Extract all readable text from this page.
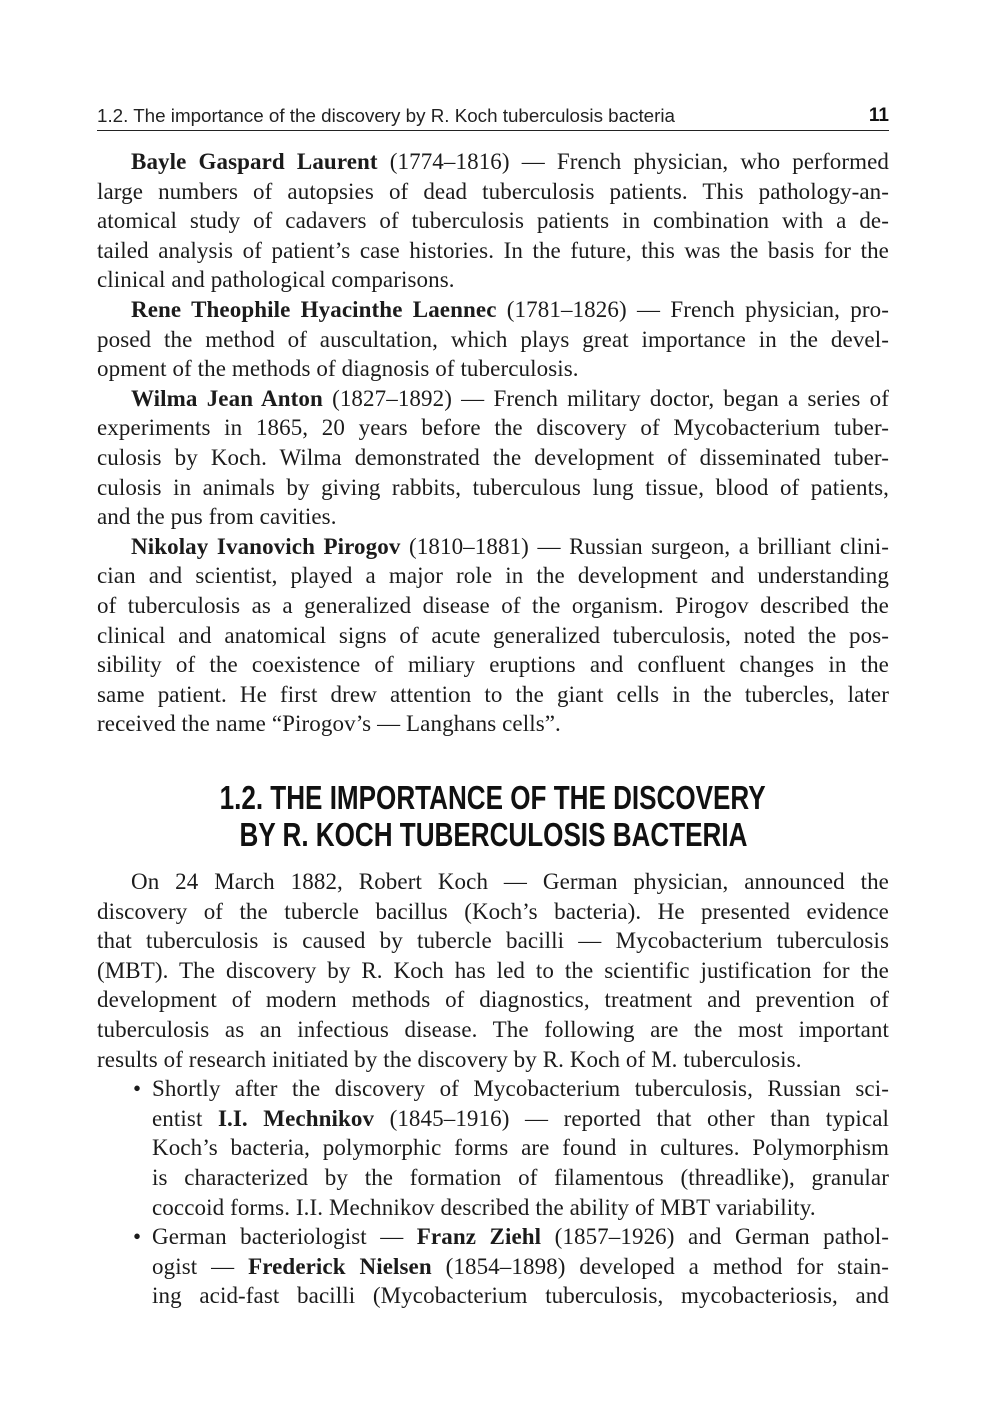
1.2. The importance of the discovery by R. Koch tuberculosis bacteria	11
Bayle Gaspard Laurent (1774–1816) — French physician, who performed
large numbers of autopsies of dead tuberculosis patients. This pathology-an-
atomical study of cadavers of tuberculosis patients in combination with a de-
tailed analysis of patient’s case histories. In the future, this was the basis for the
clinical and pathological comparisons.
Rene Theophile Hyacinthe Laennec (1781–1826) — French physician, pro-
posed the method of auscultation, which plays great importance in the devel-
opment of the methods of diagnosis of tuberculosis.
Wilma Jean Anton (1827–1892) — French military doctor, began a series of
experiments in 1865, 20 years before the discovery of Mycobacterium tuber-
culosis by Koch. Wilma demonstrated the development of disseminated tuber-
culosis in animals by giving rabbits, tuberculous lung tissue, blood of patients,
and the pus from cavities.
Nikolay Ivanovich Pirogov (1810–1881) — Russian surgeon, a brilliant clini-
cian and scientist, played a major role in the development and understanding
of tuberculosis as a generalized disease of the organism. Pirogov described the
clinical and anatomical signs of acute generalized tuberculosis, noted the pos-
sibility of the coexistence of miliary eruptions and confluent changes in the
same patient. He first drew attention to the giant cells in the tubercles, later
received the name “Pirogov’s — Langhans cells”.
1.2. THE IMPORTANCE OF THE DISCOVERY
BY R. KOCH TUBERCULOSIS BACTERIA
On 24 March 1882, Robert Koch — German physician, announced the
discovery of the tubercle bacillus (Koch’s bacteria). He presented evidence
that tuberculosis is caused by tubercle bacilli — Mycobacterium tuberculosis
(MBT). The discovery by R. Koch has led to the scientific justification for the
development of modern methods of diagnostics, treatment and prevention of
tuberculosis as an infectious disease. The following are the most important
results of research initiated by the discovery by R. Koch of M. tuberculosis.
• Shortly after the discovery of Mycobacterium tuberculosis, Russian sci-
entist I.I. Mechnikov (1845–1916) — reported that other than typical
Koch’s bacteria, polymorphic forms are found in cultures. Polymorphism
is characterized by the formation of filamentous (threadlike), granular
coccoid forms. I.I. Mechnikov described the ability of MBT variability.
• German bacteriologist — Franz Ziehl (1857–1926) and German pathol-
ogist — Frederick Nielsen (1854–1898) developed a method for stain-
ing acid-fast bacilli (Mycobacterium tuberculosis, mycobacteriosis, and
